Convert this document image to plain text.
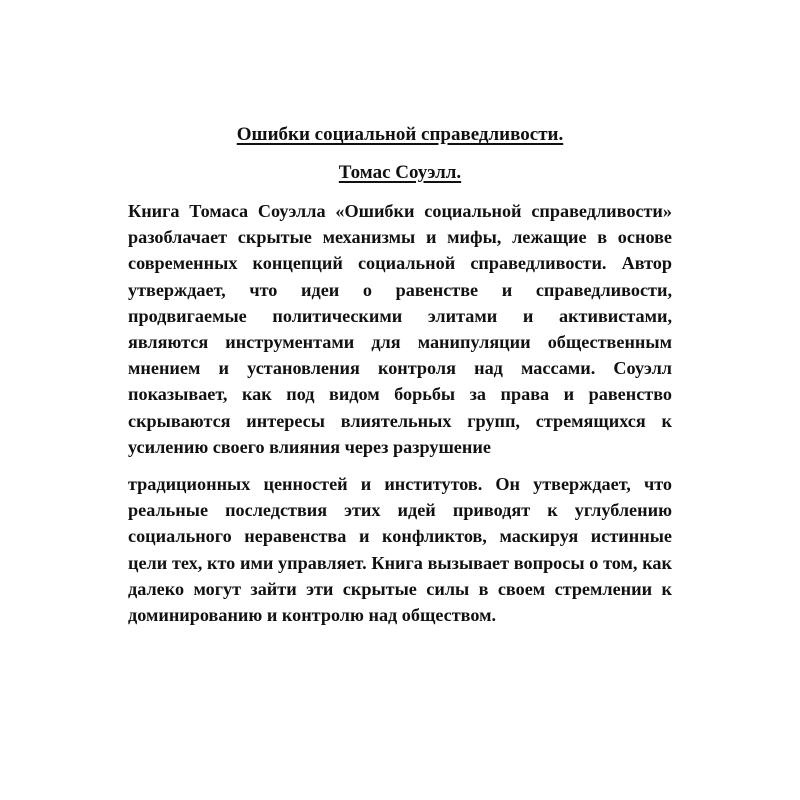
Ошибки социальной справедливости.

Томас Соуэлл.

Книга Томаса Соуэлла «Ошибки социальной справедливости» разоблачает скрытые механизмы и мифы, лежащие в основе современных концепций социальной справедливости. Автор утверждает, что идеи о равенстве и справедливости, продвигаемые политическими элитами и активистами, являются инструментами для манипуляции общественным мнением и установления контроля над массами. Соуэлл показывает, как под видом борьбы за права и равенство скрываются интересы влиятельных групп, стремящихся к усилению своего влияния через разрушение

традиционных ценностей и институтов. Он утверждает, что реальные последствия этих идей приводят к углублению социального неравенства и конфликтов, маскируя истинные цели тех, кто ими управляет. Книга вызывает вопросы о том, как далеко могут зайти эти скрытые силы в своем стремлении к доминированию и контролю над обществом.
